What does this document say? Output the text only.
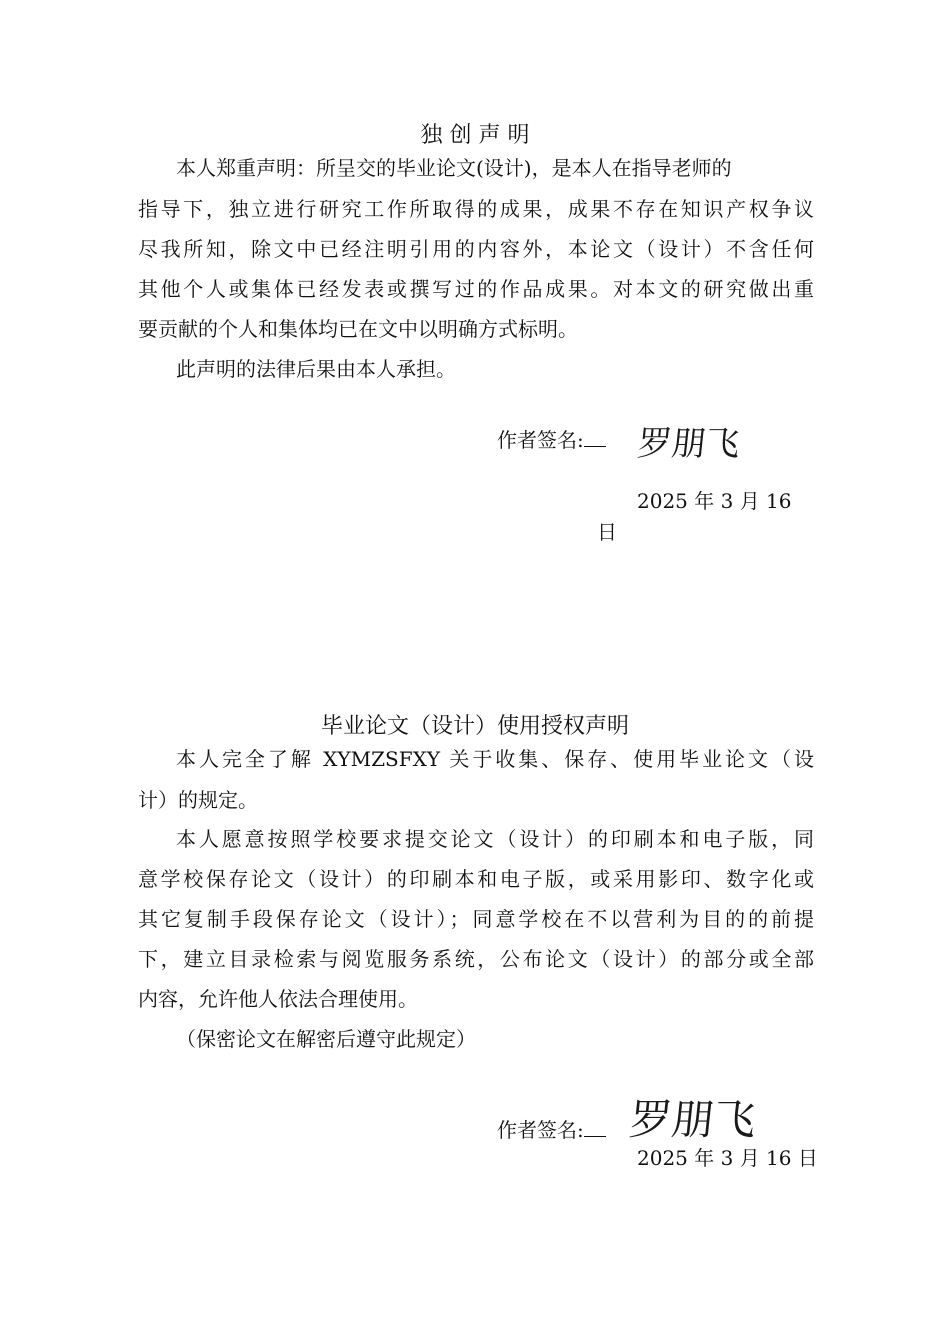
独 创 声 明
本人郑重声明：所呈交的毕业论文(设计)，是本人在指导老师的
指导下，独立进行研究工作所取得的成果，成果不存在知识产权争议
尽我所知，除文中已经注明引用的内容外，本论文（设计）不含任何
其他个人或集体已经发表或撰写过的作品成果。对本文的研究做出重
要贡献的个人和集体均已在文中以明确方式标明。
此声明的法律后果由本人承担。
作者签名:	罗朋飞
2025 年 3 月 16
日
毕业论文（设计）使用授权声明
本人完全了解 XYMZSFXY 关于收集、保存、使用毕业论文（设
计）的规定。
本人愿意按照学校要求提交论文（设计）的印刷本和电子版，同
意学校保存论文（设计）的印刷本和电子版，或采用影印、数字化或
其它复制手段保存论文（设计）；同意学校在不以营利为目的的前提
下，建立目录检索与阅览服务系统，公布论文（设计）的部分或全部
内容，允许他人依法合理使用。
（保密论文在解密后遵守此规定）
作者签名:	罗朋飞
2025 年 3 月 16 日
